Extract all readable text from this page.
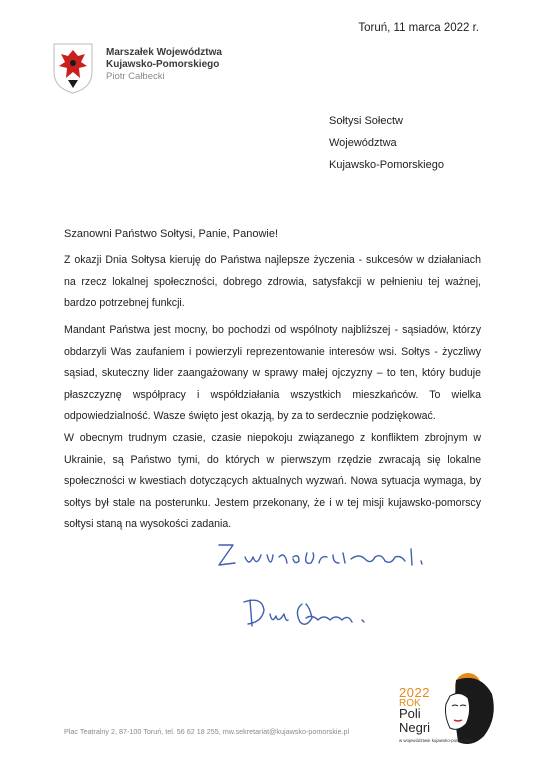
Toruń, 11 marca 2022 r.
Marszałek Województwa
Kujawsko-Pomorskiego
Piotr Całbecki
Sołtysi Sołectw
Województwa
Kujawsko-Pomorskiego
Szanowni Państwo Sołtysi, Panie, Panowie!

Z okazji Dnia Sołtysa kieruję do Państwa najlepsze życzenia - sukcesów w działaniach na rzecz lokalnej społeczności, dobrego zdrowia, satysfakcji w pełnieniu tej ważnej, bardzo potrzebnej funkcji.

Mandant Państwa jest mocny, bo pochodzi od wspólnoty najbliższej - sąsiadów, którzy obdarzyli Was zaufaniem i powierzyli reprezentowanie interesów wsi. Sołtys - życzliwy sąsiad, skuteczny lider zaangażowany w sprawy małej ojczyzny – to ten, który buduje płaszczyznę współpracy i współdziałania wszystkich mieszkańców. To wielka odpowiedzialność. Wasze święto jest okazją, by za to serdecznie podziękować.

W obecnym trudnym czasie, czasie niepokoju związanego z konfliktem zbrojnym w Ukrainie, są Państwo tymi, do których w pierwszym rzędzie zwracają się lokalne społeczności w kwestiach dotyczących aktualnych wyzwań. Nowa sytuacja wymaga, by sołtys był stale na posterunku. Jestem przekonany, że i w tej misji kujawsko-pomorscy sołtysi staną na wysokości zadania.

Plac Teatralny 2, 87-100 Toruń, tel. 56 62 18 255, mw.sekretariat@kujawsko-pomorskie.pl
2022
ROK
Poli
Negri
w województwie kujawsko-pomorskim
